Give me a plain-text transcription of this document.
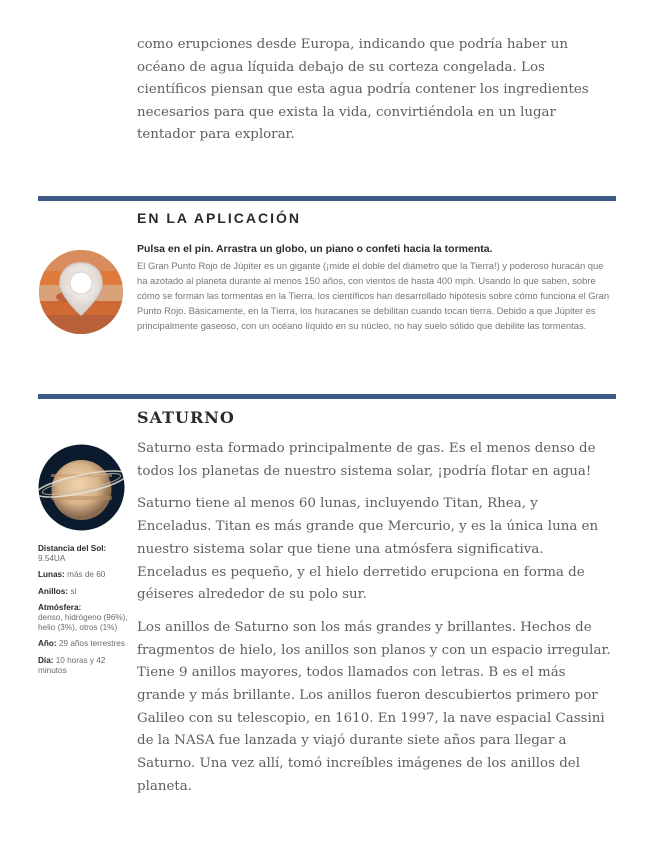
como erupciones desde Europa, indicando que podría haber un océano de agua líquida debajo de su corteza congelada. Los científicos piensan que esta agua podría contener los ingredientes necesarios para que exista la vida, convirtiéndola en un lugar tentador para explorar.

EN LA APLICACIÓN

Pulsa en el pin. Arrastra un globo, un piano o confeti hacia la tormenta.

El Gran Punto Rojo de Júpiter es un gigante (¡mide el doble del diámetro que la Tierra!) y poderoso huracán que ha azotado al planeta durante al menos 150 años, con vientos de hasta 400 mph. Usando lo que saben, sobre cómo se forman las tormentas en la Tierra, los científicos han desarrollado hipótesis sobre cómo funciona el Gran Punto Rojo. Básicamente, en la Tierra, los huracanes se debilitan cuando tocan tierra. Debido a que Júpiter es principalmente gaseoso, con un océano líquido en su núcleo, no hay suelo sólido que debilite las tormentas.

SATURNO

Saturno esta formado principalmente de gas. Es el menos denso de todos los planetas de nuestro sistema solar, ¡podría flotar en agua!

Saturno tiene al menos 60 lunas, incluyendo Titan, Rhea, y Enceladus. Titan es más grande que Mercurio, y es la única luna en nuestro sistema solar que tiene una atmósfera significativa. Enceladus es pequeño, y el hielo derretido erupciona en forma de géiseres alrededor de su polo sur.

Los anillos de Saturno son los más grandes y brillantes. Hechos de fragmentos de hielo, los anillos son planos y con un espacio irregular. Tiene 9 anillos mayores, todos llamados con letras. B es el más grande y más brillante. Los anillos fueron descubiertos primero por Galileo con su telescopio, en 1610. En 1997, la nave espacial Cassini de la NASA fue lanzada y viajó durante siete años para llegar a Saturno. Una vez allí, tomó increíbles imágenes de los anillos del planeta.

Distancia del Sol: 9.54UA
Lunas: más de 60
Anillos: sí
Atmósfera:
denso, hidrógeno (96%), helio (3%), otros (1%)
Año: 29 años terrestres
Día: 10 horas y 42 minutos
